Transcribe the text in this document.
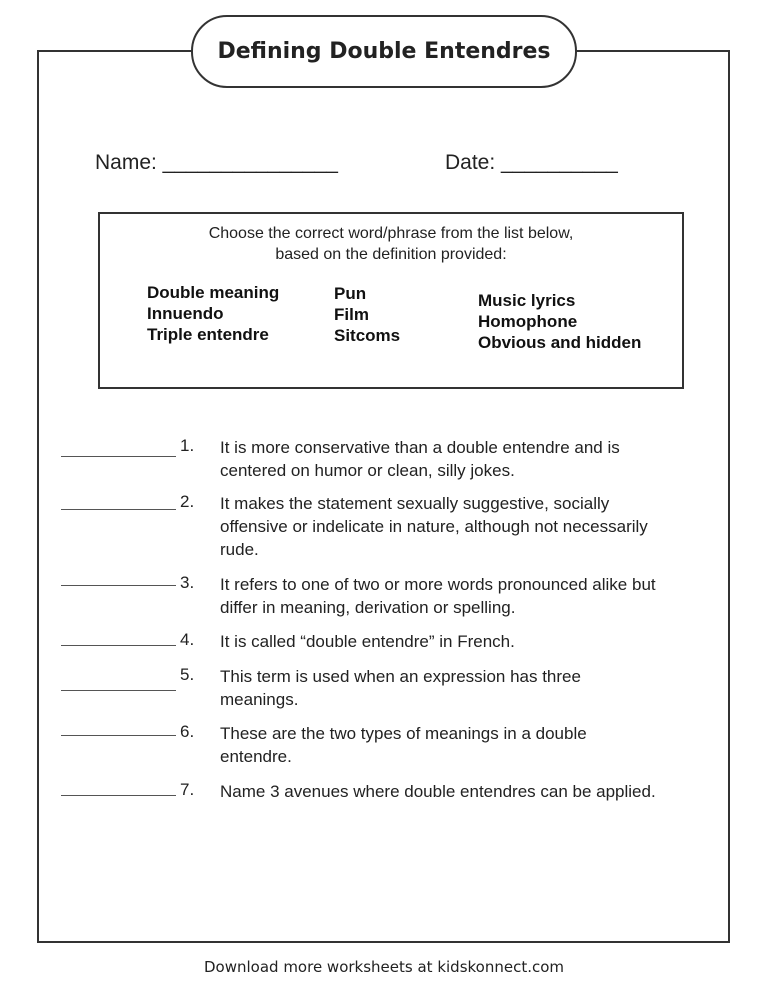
Defining Double Entendres
Name: _______________	Date: __________
Choose the correct word/phrase from the list below,
based on the definition provided:
Double meaning
Innuendo
Triple entendre
Pun
Film
Sitcoms
Music lyrics
Homophone
Obvious and hidden
1. It is more conservative than a double entendre and is centered on humor or clean, silly jokes.
2. It makes the statement sexually suggestive, socially offensive or indelicate in nature, although not necessarily rude.
3. It refers to one of two or more words pronounced alike but differ in meaning, derivation or spelling.
4. It is called “double entendre” in French.
5. This term is used when an expression has three meanings.
6. These are the two types of meanings in a double entendre.
7. Name 3 avenues where double entendres can be applied.
Download more worksheets at kidskonnect.com
